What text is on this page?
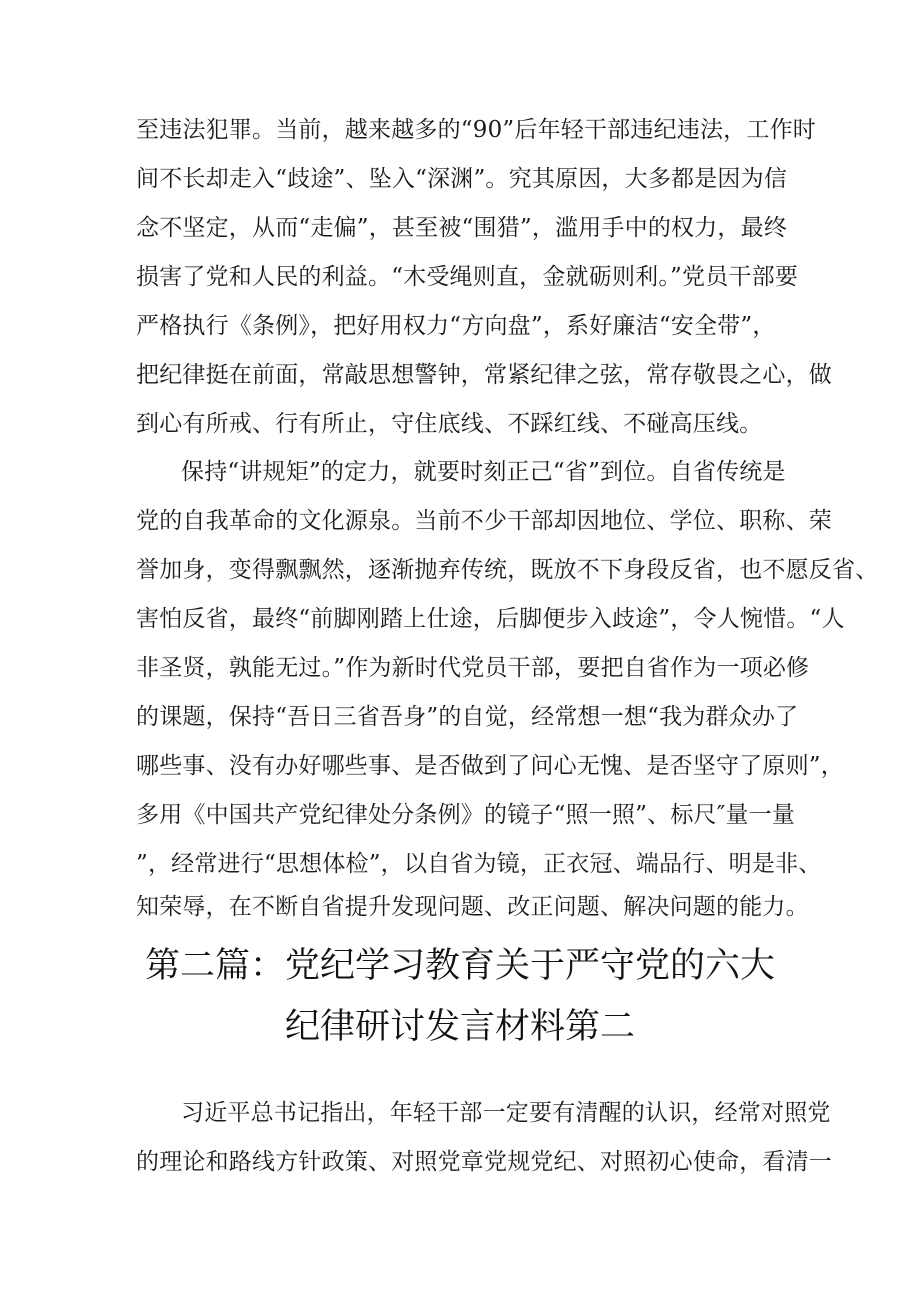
至违法犯罪。当前，越来越多的“90”后年轻干部违纪违法，工作时
间不长却走入“歧途”、坠入“深渊”。究其原因，大多都是因为信
念不坚定，从而“走偏”，甚至被“围猎”，滥用手中的权力，最终
损害了党和人民的利益。“木受绳则直，金就砺则利。”党员干部要
严格执行《条例》，把好用权力“方向盘”，系好廉洁“安全带”，
把纪律挺在前面，常敲思想警钟，常紧纪律之弦，常存敬畏之心，做
到心有所戒、行有所止，守住底线、不踩红线、不碰高压线。
保持“讲规矩”的定力，就要时刻正己“省”到位。自省传统是
党的自我革命的文化源泉。当前不少干部却因地位、学位、职称、荣
誉加身，变得飘飘然，逐渐抛弃传统，既放不下身段反省，也不愿反省、
害怕反省，最终“前脚刚踏上仕途，后脚便步入歧途”，令人惋惜。“人
非圣贤，孰能无过。”作为新时代党员干部，要把自省作为一项必修
的课题，保持“吾日三省吾身”的自觉，经常想一想“我为群众办了
哪些事、没有办好哪些事、是否做到了问心无愧、是否坚守了原则”，
多用《中国共产党纪律处分条例》的镜子“照一照”、标尺″量一量
”，经常进行“思想体检”，以自省为镜，正衣冠、端品行、明是非、
知荣辱，在不断自省提升发现问题、改正问题、解决问题的能力。
第二篇：党纪学习教育关于严守党的六大
纪律研讨发言材料第二
习近平总书记指出，年轻干部一定要有清醒的认识，经常对照党
的理论和路线方针政策、对照党章党规党纪、对照初心使命，看清一
